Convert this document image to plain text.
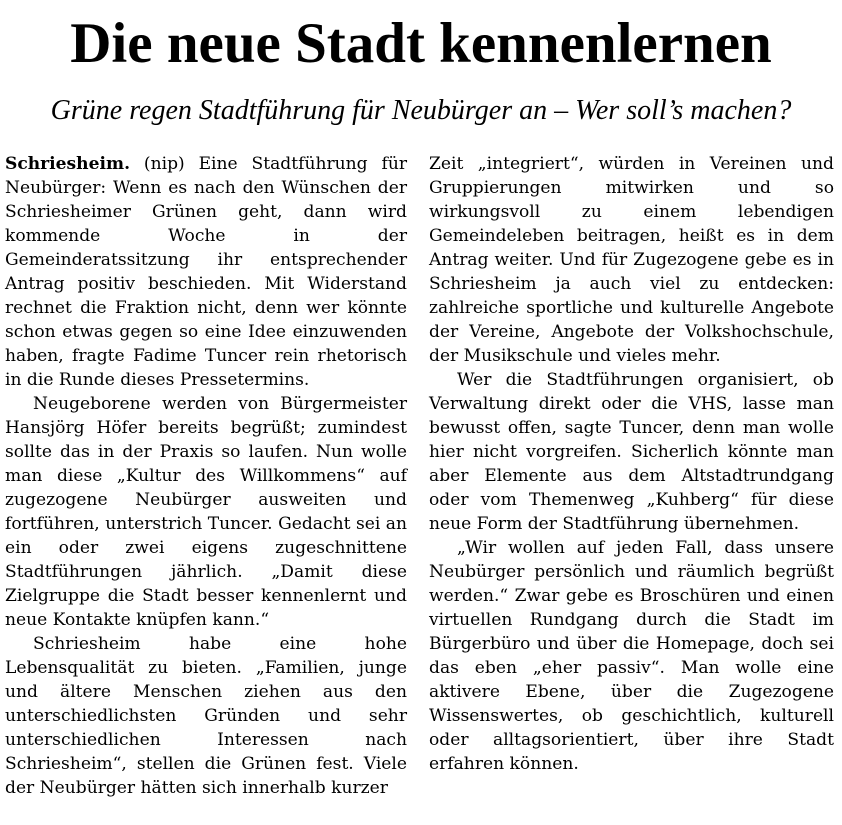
Die neue Stadt kennenlernen
Grüne regen Stadtführung für Neubürger an – Wer soll’s machen?

Schriesheim. (nip) Eine Stadtführung für Neubürger: Wenn es nach den Wünschen der Schriesheimer Grünen geht, dann wird kommende Woche in der Gemeinderatssitzung ihr entsprechender Antrag positiv beschieden. Mit Widerstand rechnet die Fraktion nicht, denn wer könnte schon etwas gegen so eine Idee einzuwenden haben, fragte Fadime Tuncer rein rhetorisch in die Runde dieses Pressetermins.

Neugeborene werden von Bürgermeister Hansjörg Höfer bereits begrüßt; zumindest sollte das in der Praxis so laufen. Nun wolle man diese „Kultur des Willkommens“ auf zugezogene Neubürger ausweiten und fortführen, unterstrich Tuncer. Gedacht sei an ein oder zwei eigens zugeschnittene Stadtführungen jährlich. „Damit diese Zielgruppe die Stadt besser kennenlernt und neue Kontakte knüpfen kann.“

Schriesheim habe eine hohe Lebensqualität zu bieten. „Familien, junge und ältere Menschen ziehen aus den unterschiedlichsten Gründen und sehr unterschiedlichen Interessen nach Schriesheim“, stellen die Grünen fest. Viele der Neubürger hätten sich innerhalb kurzer

Zeit „integriert“, würden in Vereinen und Gruppierungen mitwirken und so wirkungsvoll zu einem lebendigen Gemeindeleben beitragen, heißt es in dem Antrag weiter. Und für Zugezogene gebe es in Schriesheim ja auch viel zu entdecken: zahlreiche sportliche und kulturelle Angebote der Vereine, Angebote der Volkshochschule, der Musikschule und vieles mehr.

Wer die Stadtführungen organisiert, ob Verwaltung direkt oder die VHS, lasse man bewusst offen, sagte Tuncer, denn man wolle hier nicht vorgreifen. Sicherlich könnte man aber Elemente aus dem Altstadtrundgang oder vom Themenweg „Kuhberg“ für diese neue Form der Stadtführung übernehmen.

„Wir wollen auf jeden Fall, dass unsere Neubürger persönlich und räumlich begrüßt werden.“ Zwar gebe es Broschüren und einen virtuellen Rundgang durch die Stadt im Bürgerbüro und über die Homepage, doch sei das eben „eher passiv“. Man wolle eine aktivere Ebene, über die Zugezogene Wissenswertes, ob geschichtlich, kulturell oder alltagsorientiert, über ihre Stadt erfahren können.
